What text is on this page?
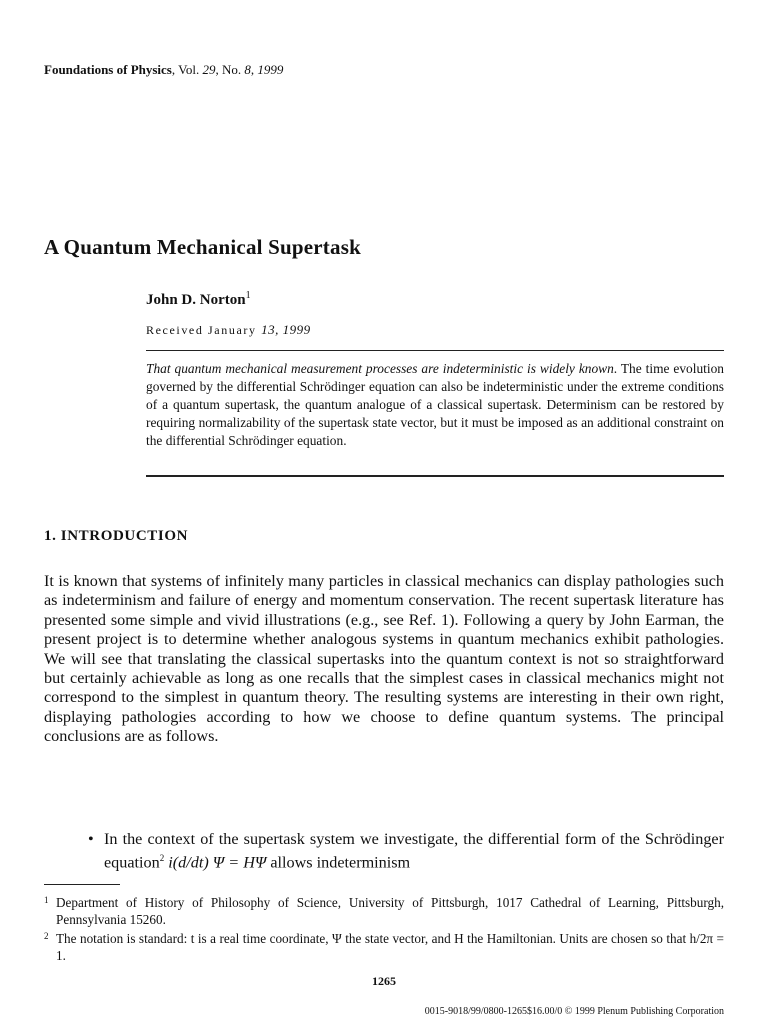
Foundations of Physics, Vol. 29, No. 8, 1999
A Quantum Mechanical Supertask
John D. Norton$^1$
Received January 13, 1999
That quantum mechanical measurement processes are indeterministic is widely known. The time evolution governed by the differential Schrödinger equation can also be indeterministic under the extreme conditions of a quantum supertask, the quantum analogue of a classical supertask. Determinism can be restored by requiring normalizability of the supertask state vector, but it must be imposed as an additional constraint on the differential Schrödinger equation.
1. INTRODUCTION
It is known that systems of infinitely many particles in classical mechanics can display pathologies such as indeterminism and failure of energy and momentum conservation. The recent supertask literature has presented some simple and vivid illustrations (e.g., see Ref. 1). Following a query by John Earman, the present project is to determine whether analogous systems in quantum mechanics exhibit pathologies. We will see that translating the classical supertasks into the quantum context is not so straightforward but certainly achievable as long as one recalls that the simplest cases in classical mechanics might not correspond to the simplest in quantum theory. The resulting systems are interesting in their own right, displaying pathologies according to how we choose to define quantum systems. The principal conclusions are as follows.
• In the context of the supertask system we investigate, the differential form of the Schrödinger equation$^2$ i(d/dt) Ψ = HΨ allows indeterminism
1 Department of History of Philosophy of Science, University of Pittsburgh, 1017 Cathedral of Learning, Pittsburgh, Pennsylvania 15260.
2 The notation is standard: t is a real time coordinate, Ψ the state vector, and H the Hamiltonian. Units are chosen so that h/2π = 1.
1265
0015-9018/99/0800-1265$16.00/0 © 1999 Plenum Publishing Corporation
